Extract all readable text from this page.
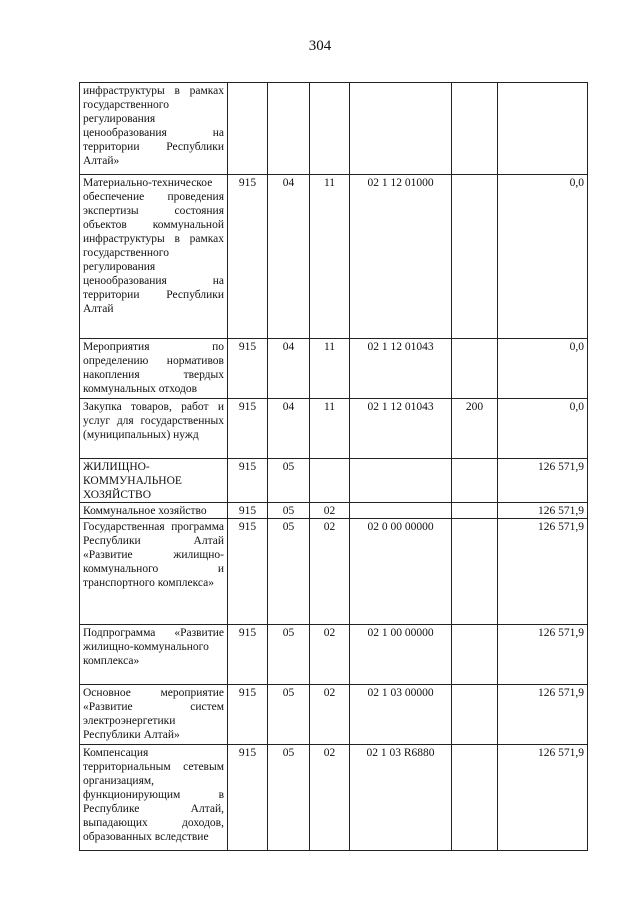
304
инфраструктуры в рамках государственного регулирования ценообразования на территории Республики Алтай»						
Материально-техническое обеспечение проведения экспертизы состояния объектов коммунальной инфраструктуры в рамках государственного регулирования ценообразования на территории Республики Алтай	915	04	11	02 1 12 01000		0,0
Мероприятия по определению нормативов накопления твердых коммунальных отходов	915	04	11	02 1 12 01043		0,0
Закупка товаров, работ и услуг для государственных (муниципальных) нужд	915	04	11	02 1 12 01043	200	0,0
ЖИЛИЩНО-КОММУНАЛЬНОЕ ХОЗЯЙСТВО	915	05				126 571,9
Коммунальное хозяйство	915	05	02			126 571,9
Государственная программа Республики Алтай «Развитие жилищно-коммунального и транспортного комплекса»	915	05	02	02 0 00 00000		126 571,9
Подпрограмма «Развитие жилищно-коммунального комплекса»	915	05	02	02 1 00 00000		126 571,9
Основное мероприятие «Развитие систем электроэнергетики Республики Алтай»	915	05	02	02 1 03 00000		126 571,9
Компенсация территориальным сетевым организациям, функционирующим в Республике Алтай, выпадающих доходов, образованных вследствие	915	05	02	02 1 03 R6880		126 571,9
